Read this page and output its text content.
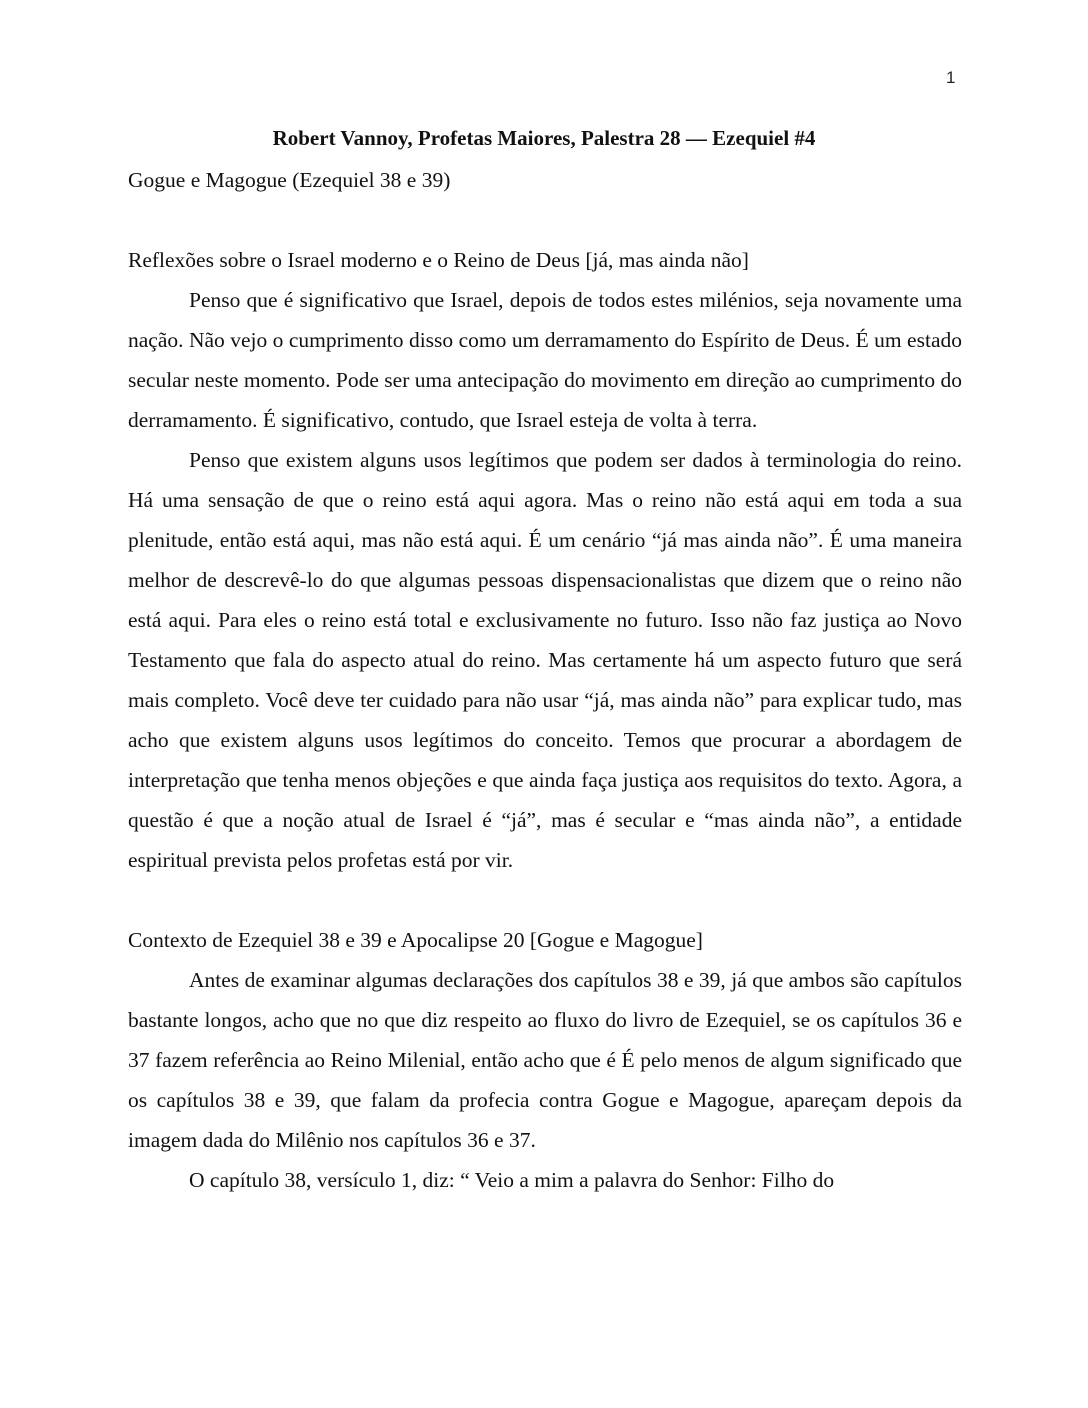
1
Robert Vannoy, Profetas Maiores, Palestra 28 — Ezequiel #4

Gogue e Magogue (Ezequiel 38 e 39)

Reflexões sobre o Israel moderno e o Reino de Deus [já, mas ainda não]

Penso que é significativo que Israel, depois de todos estes milénios, seja novamente uma nação. Não vejo o cumprimento disso como um derramamento do Espírito de Deus. É um estado secular neste momento. Pode ser uma antecipação do movimento em direção ao cumprimento do derramamento. É significativo, contudo, que Israel esteja de volta à terra.

Penso que existem alguns usos legítimos que podem ser dados à terminologia do reino. Há uma sensação de que o reino está aqui agora. Mas o reino não está aqui em toda a sua plenitude, então está aqui, mas não está aqui. É um cenário “já mas ainda não”. É uma maneira melhor de descrevê-lo do que algumas pessoas dispensacionalistas que dizem que o reino não está aqui. Para eles o reino está total e exclusivamente no futuro. Isso não faz justiça ao Novo Testamento que fala do aspecto atual do reino. Mas certamente há um aspecto futuro que será mais completo. Você deve ter cuidado para não usar “já, mas ainda não” para explicar tudo, mas acho que existem alguns usos legítimos do conceito. Temos que procurar a abordagem de interpretação que tenha menos objeções e que ainda faça justiça aos requisitos do texto. Agora, a questão é que a noção atual de Israel é “já”, mas é secular e “mas ainda não”, a entidade espiritual prevista pelos profetas está por vir.

Contexto de Ezequiel 38 e 39 e Apocalipse 20 [Gogue e Magogue]

Antes de examinar algumas declarações dos capítulos 38 e 39, já que ambos são capítulos bastante longos, acho que no que diz respeito ao fluxo do livro de Ezequiel, se os capítulos 36 e 37 fazem referência ao Reino Milenial, então acho que é É pelo menos de algum significado que os capítulos 38 e 39, que falam da profecia contra Gogue e Magogue, apareçam depois da imagem dada do Milênio nos capítulos 36 e 37.

O capítulo 38, versículo 1, diz: “ Veio a mim a palavra do Senhor: Filho do
